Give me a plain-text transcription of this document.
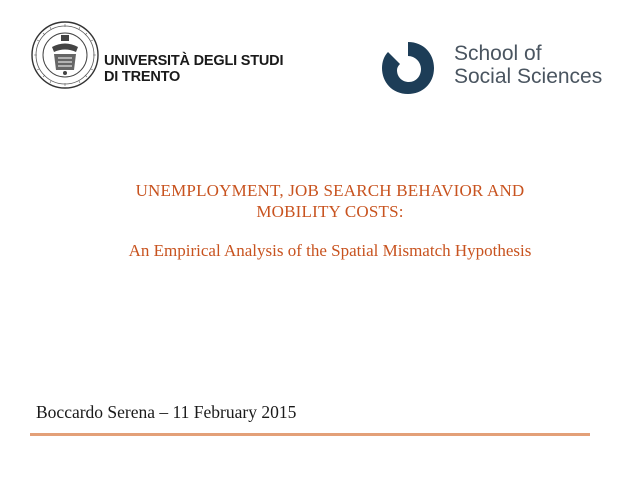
UNIVERSITÀ DEGLI STUDI
DI TRENTO
School of
Social Sciences
UNEMPLOYMENT, JOB SEARCH BEHAVIOR AND
MOBILITY COSTS:
An Empirical Analysis of the Spatial Mismatch Hypothesis
Boccardo Serena – 11 February 2015
